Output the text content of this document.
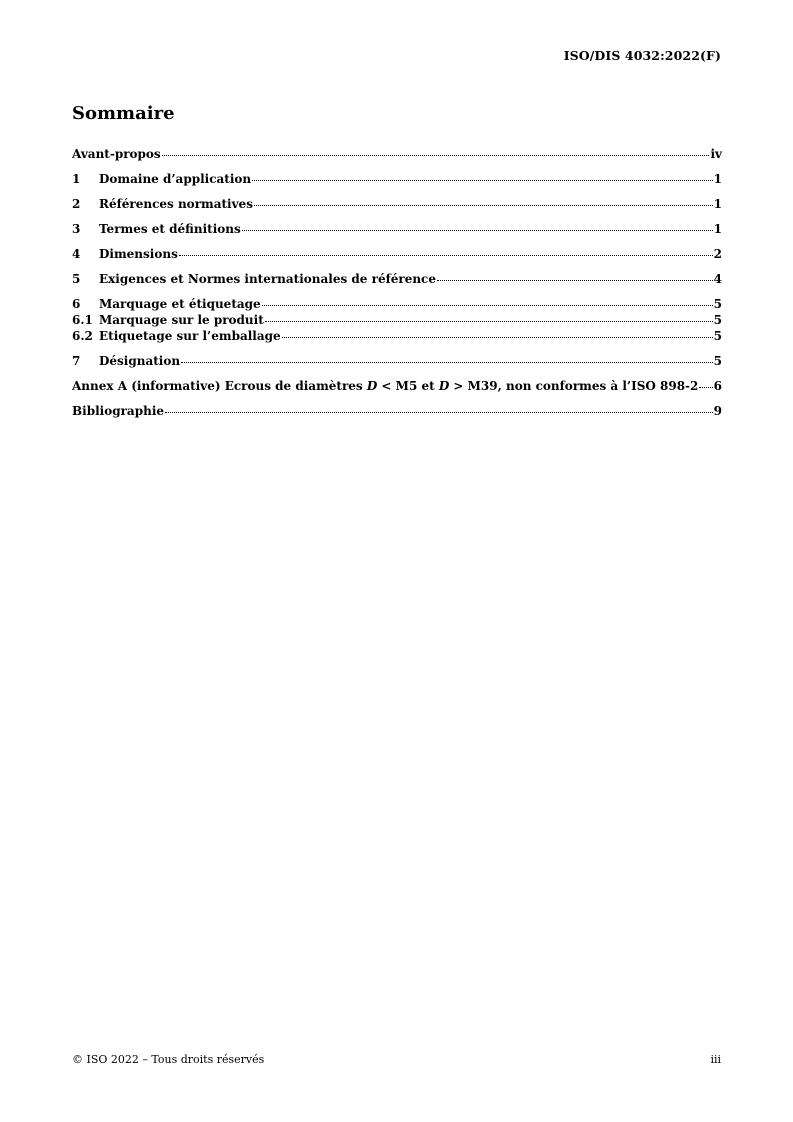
ISO/DIS 4032:2022(F)
Sommaire
Avant-propos	iv
1	Domaine d’application	1
2	Références normatives	1
3	Termes et définitions	1
4	Dimensions	2
5	Exigences et Normes internationales de référence	4
6	Marquage et étiquetage	5
6.1 Marquage sur le produit	5
6.2 Etiquetage sur l’emballage	5
7	Désignation	5
Annex A (informative) Ecrous de diamètres D < M5 et D > M39, non conformes à l’ISO 898-2 6
Bibliographie	9
© ISO 2022 – Tous droits réservés	iii
